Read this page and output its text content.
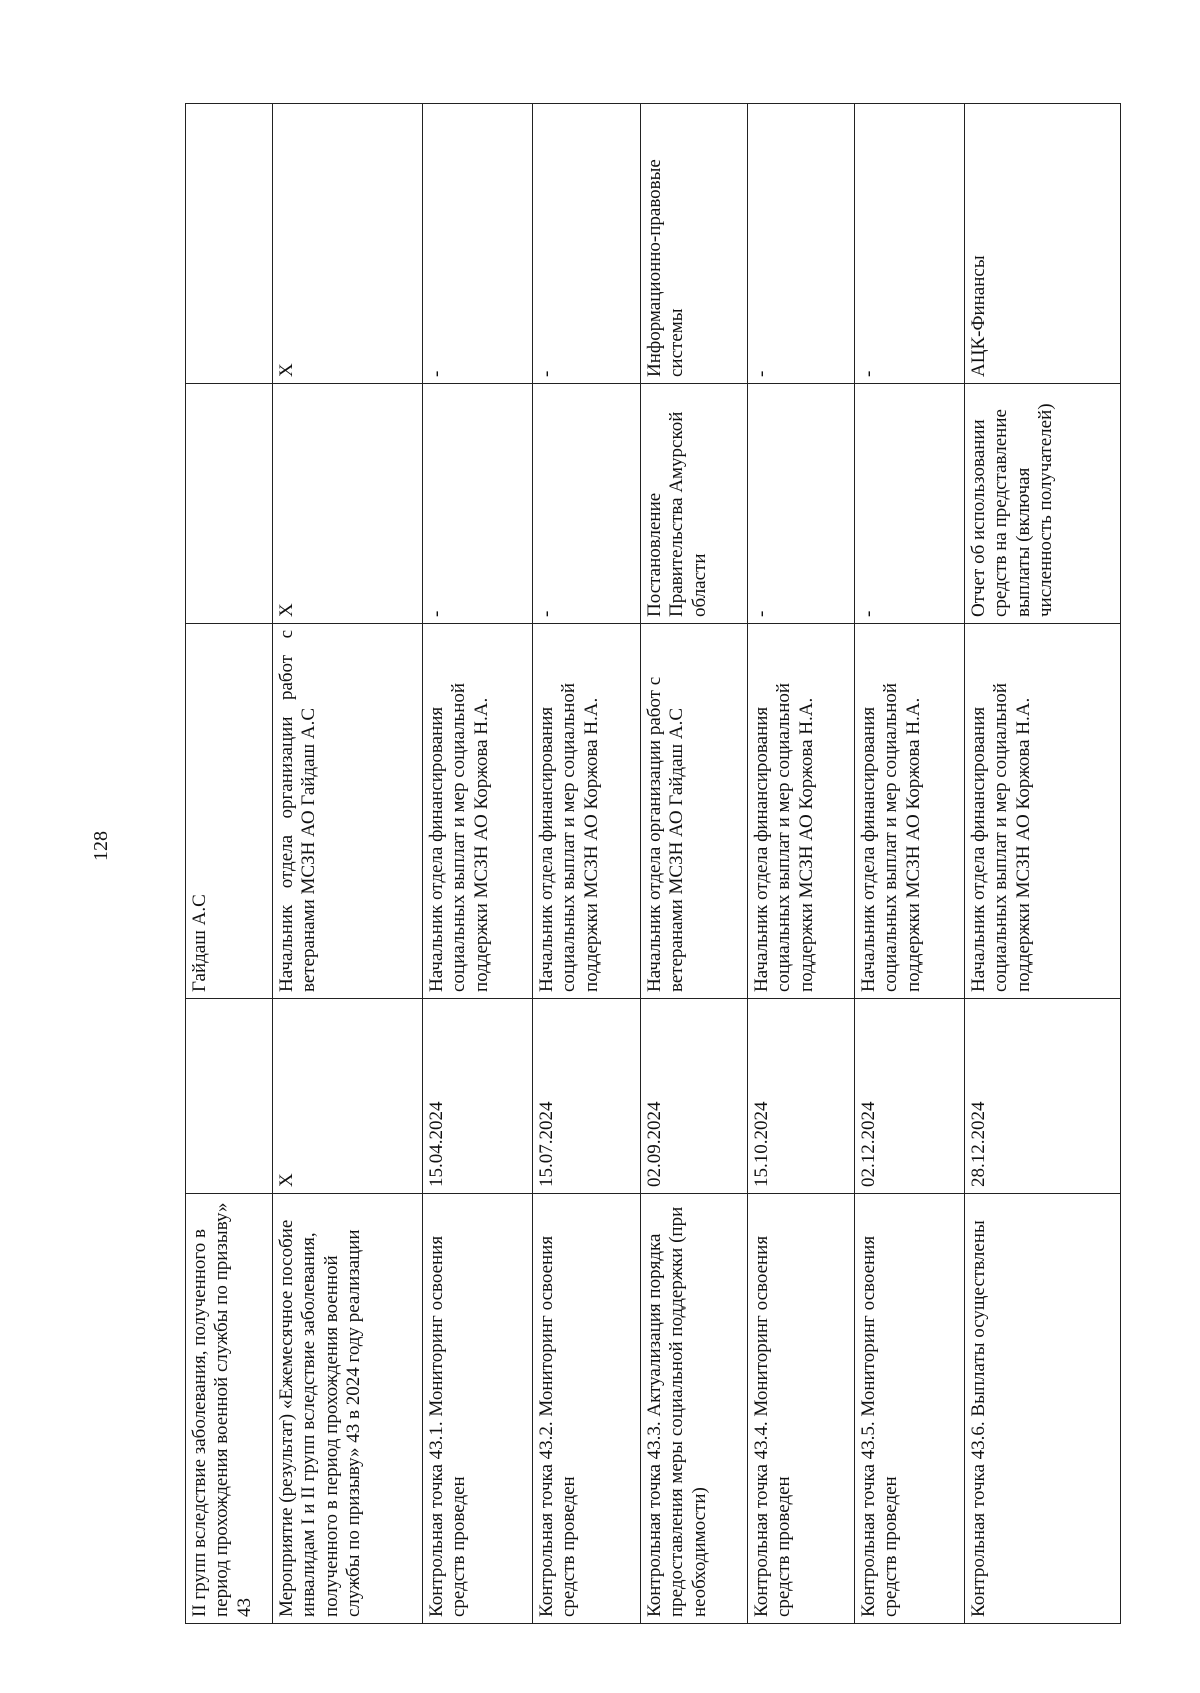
128
II групп вследствие заболевания, полученного в период прохождения военной службы по призыву» 43		Гайдаш А.С		
Мероприятие (результат) «Ежемесячное пособие инвалидам I и II групп вследствие заболевания, полученного в период прохождения военной службы по призыву» 43 в 2024 году реализации	X	Начальник отдела организации работ с ветеранами МСЗН АО Гайдаш А.С	X	X
Контрольная точка 43.1. Мониторинг освоения средств проведен	15.04.2024	Начальник отдела финансирования социальных выплат и мер социальной поддержки МСЗН АО Коржова Н.А.	-	-
Контрольная точка 43.2. Мониторинг освоения средств проведен	15.07.2024	Начальник отдела финансирования социальных выплат и мер социальной поддержки МСЗН АО Коржова Н.А.	-	-
Контрольная точка 43.3. Актуализация порядка предоставления меры социальной поддержки (при необходимости)	02.09.2024	Начальник отдела организации работ с ветеранами МСЗН АО Гайдаш А.С	Постановление Правительства Амурской области	Информационно-правовые системы
Контрольная точка 43.4. Мониторинг освоения средств проведен	15.10.2024	Начальник отдела финансирования социальных выплат и мер социальной поддержки МСЗН АО Коржова Н.А.	-	-
Контрольная точка 43.5. Мониторинг освоения средств проведен	02.12.2024	Начальник отдела финансирования социальных выплат и мер социальной поддержки МСЗН АО Коржова Н.А.	-	-
Контрольная точка 43.6. Выплаты осуществлены	28.12.2024	Начальник отдела финансирования социальных выплат и мер социальной поддержки МСЗН АО Коржова Н.А.	Отчет об использовании средств на представление выплаты (включая численность получателей)	АЦК-Финансы
